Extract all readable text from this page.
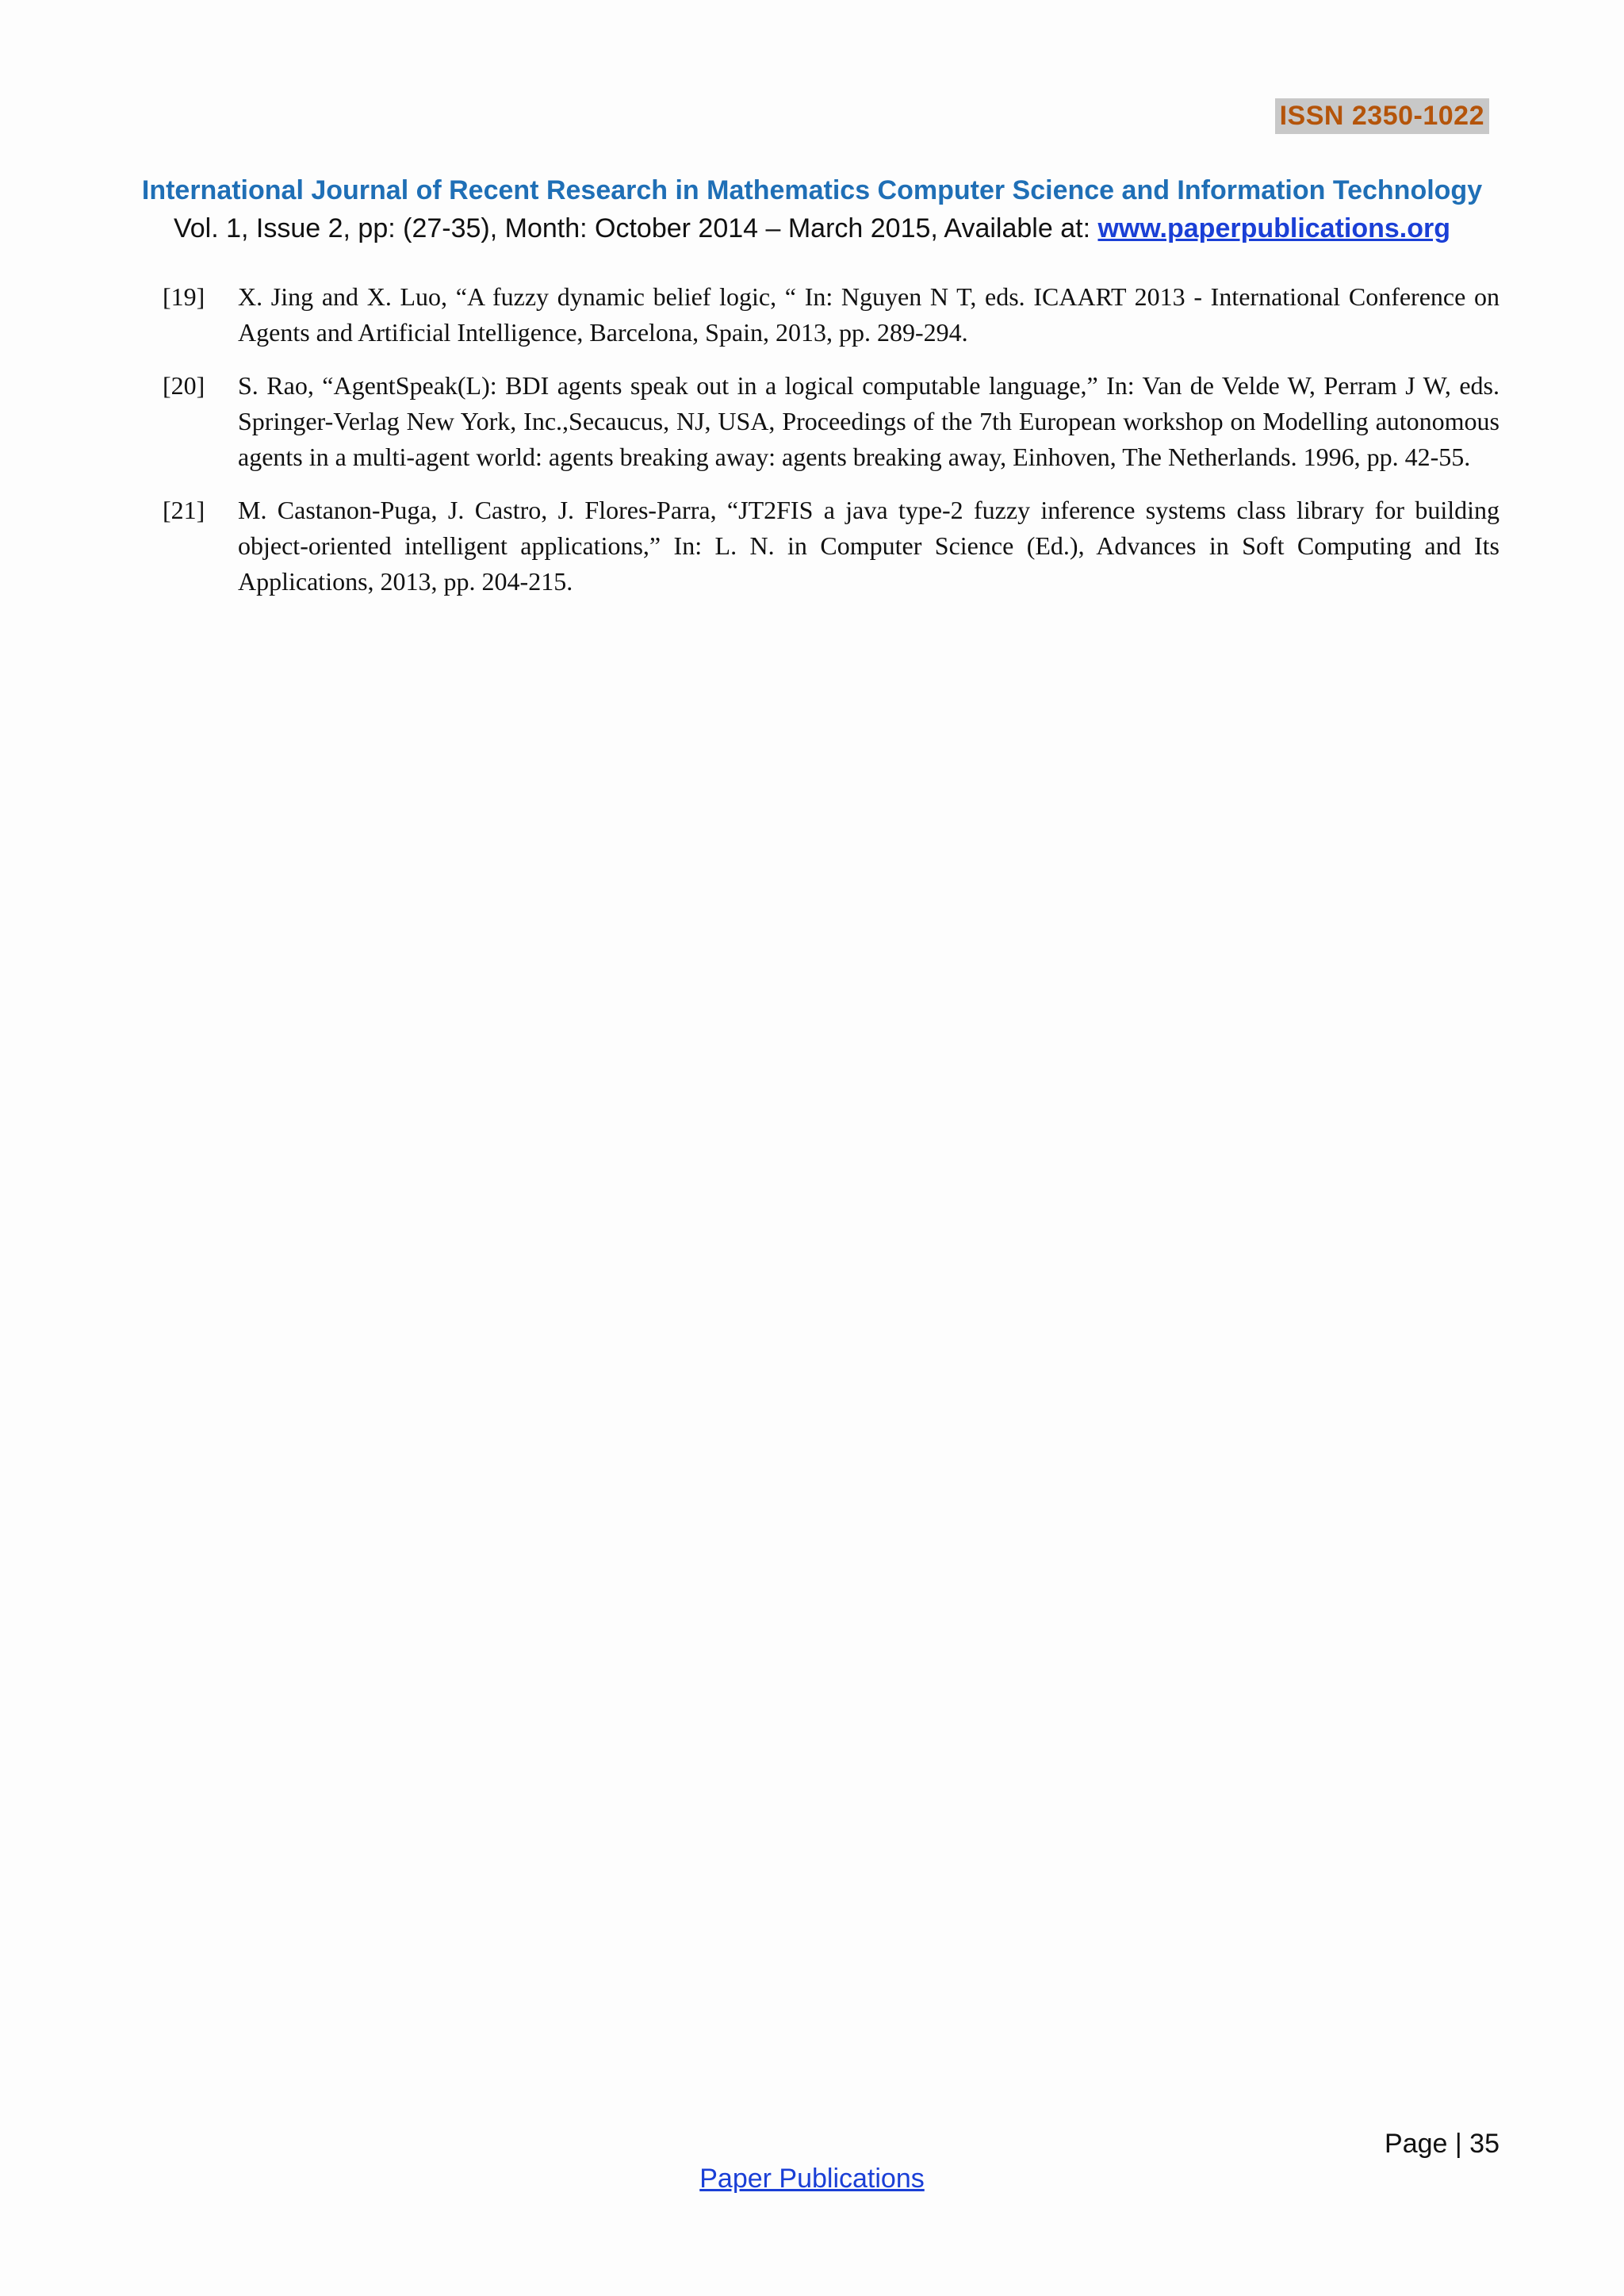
ISSN 2350-1022
International Journal of Recent Research in Mathematics Computer Science and Information Technology
Vol. 1, Issue 2, pp: (27-35), Month: October 2014 – March 2015, Available at: www.paperpublications.org
[19]	X. Jing and X. Luo, “A fuzzy dynamic belief logic, “ In: Nguyen N T, eds. ICAART 2013 - International Conference on Agents and Artificial Intelligence, Barcelona, Spain, 2013, pp. 289-294.
[20]	S. Rao, “AgentSpeak(L): BDI agents speak out in a logical computable language,” In: Van de Velde W, Perram J W, eds. Springer-Verlag New York, Inc.,Secaucus, NJ, USA, Proceedings of the 7th European workshop on Modelling autonomous agents in a multi-agent world: agents breaking away: agents breaking away, Einhoven, The Netherlands. 1996, pp. 42-55.
[21]	M. Castanon-Puga, J. Castro, J. Flores-Parra, “JT2FIS a java type-2 fuzzy inference systems class library for building object-oriented intelligent applications,” In: L. N. in Computer Science (Ed.), Advances in Soft Computing and Its Applications, 2013, pp. 204-215.
Page | 35
Paper Publications
